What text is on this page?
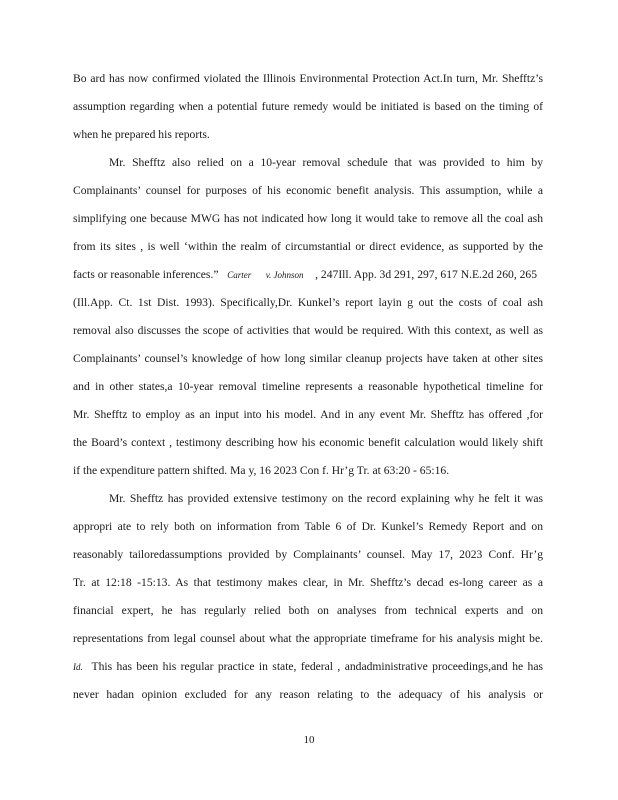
Bo ard has now confirmed violated the Illinois Environmental Protection Act.In turn, Mr. Shefftz’s
assumption regarding when a potential future remedy would be initiated is based on the timing of
when he prepared his reports.
Mr. Shefftz also relied on a 10-year removal schedule that was provided to him by
Complainants’ counsel for purposes of his economic benefit analysis. This assumption, while a
simplifying one because MWG has not indicated how long it would take to remove all the coal ash
from its sites , is well ‘within the realm of circumstantial or direct evidence, as supported by the
facts or reasonable inferences.” Carter v. Johnson , 247Ill. App. 3d 291, 297, 617 N.E.2d 260, 265
(Ill.App. Ct. 1st Dist. 1993). Specifically,Dr. Kunkel’s report layin g out the costs of coal ash
removal also discusses the scope of activities that would be required. With this context, as well as
Complainants’ counsel’s knowledge of how long similar cleanup projects have taken at other sites
and in other states,a 10-year removal timeline represents a reasonable hypothetical timeline for
Mr. Shefftz to employ as an input into his model. And in any event Mr. Shefftz has offered ,for
the Board’s context , testimony describing how his economic benefit calculation would likely shift
if the expenditure pattern shifted. Ma y, 16 2023 Con f. Hr’g Tr. at 63:20 - 65:16.
Mr. Shefftz has provided extensive testimony on the record explaining why he felt it was
appropri ate to rely both on information from Table 6 of Dr. Kunkel’s Remedy Report and on
reasonably tailoredassumptions provided by Complainants’ counsel. May 17, 2023 Conf. Hr’g
Tr. at 12:18 -15:13. As that testimony makes clear, in Mr. Shefftz’s decad es-long career as a
financial expert, he has regularly relied both on analyses from technical experts and on
representations from legal counsel about what the appropriate timeframe for his analysis might be.
Id. This has been his regular practice in state, federal , andadministrative proceedings,and he has
never hadan opinion excluded for any reason relating to the adequacy of his analysis or
10
